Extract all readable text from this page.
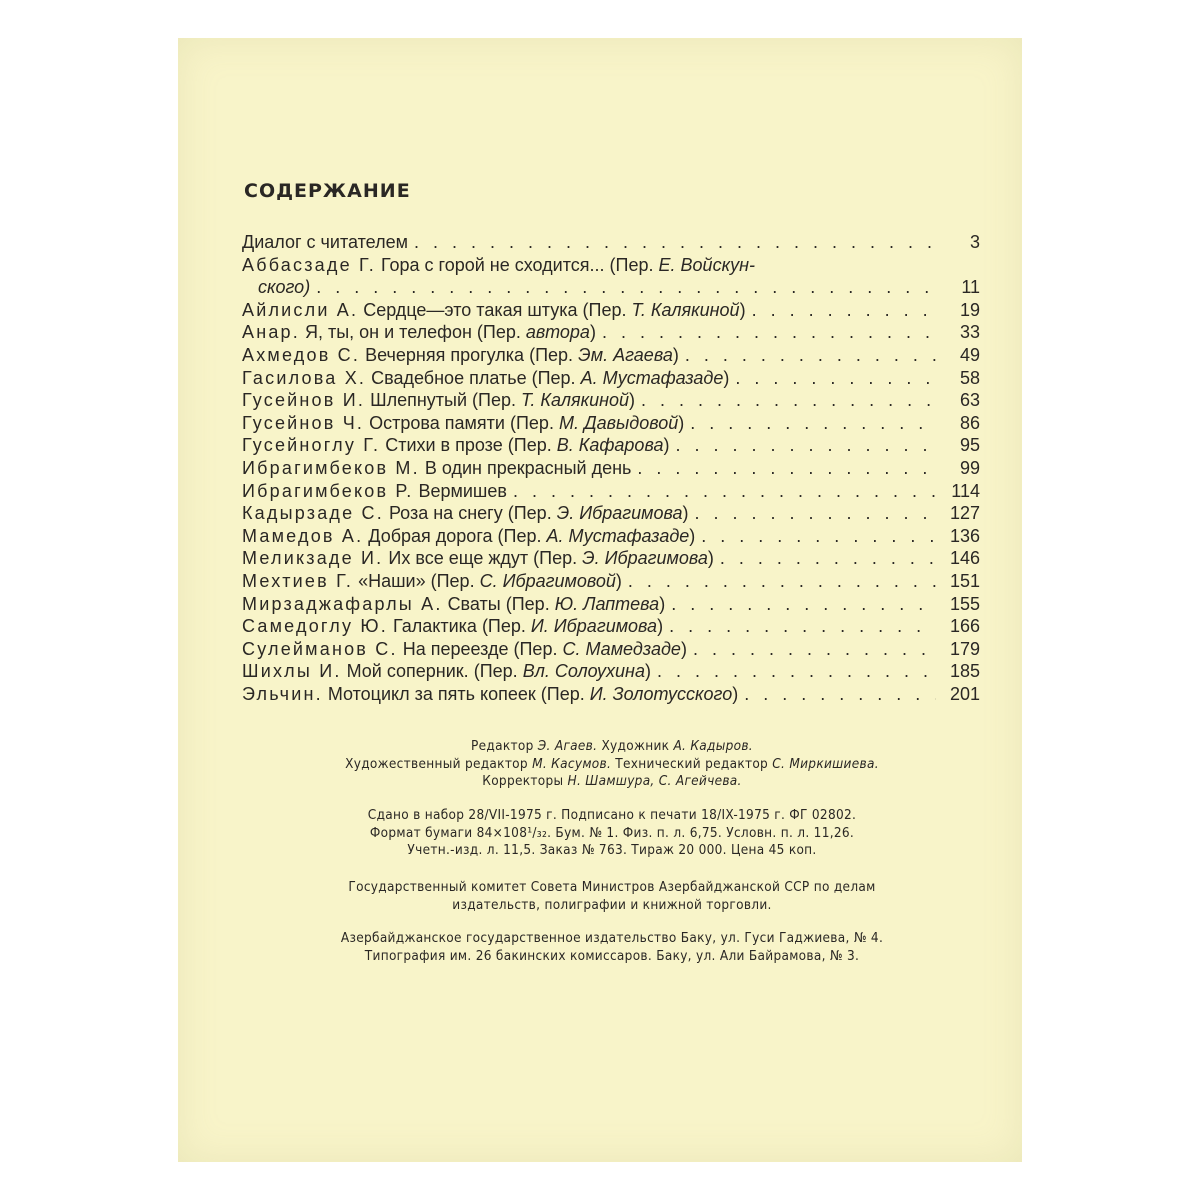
СОДЕРЖАНИЕ
Диалог с читателем . . .	3
Аббасзаде Г. Гора с горой не сходится... (Пер. Е. Войскун-
ского) . . .	11
Айлисли А. Сердце—это такая штука (Пер. Т. Калякиной) . . .	19
Анар. Я, ты, он и телефон (Пер. автора) . . .	33
Ахмедов С. Вечерняя прогулка (Пер. Эм. Агаева) . . .	49
Гасилова Х. Свадебное платье (Пер. А. Мустафазаде) . . .	58
Гусейнов И. Шлепнутый (Пер. Т. Калякиной) . . .	63
Гусейнов Ч. Острова памяти (Пер. М. Давыдовой) . . .	86
Гусейноглу Г. Стихи в прозе (Пер. В. Кафарова) . . .	95
Ибрагимбеков М. В один прекрасный день . . .	99
Ибрагимбеков Р. Вермишев . . .	114
Кадырзаде С. Роза на снегу (Пер. Э. Ибрагимова) . . .	127
Мамедов А. Добрая дорога (Пер. А. Мустафазаде) . . .	136
Меликзаде И. Их все еще ждут (Пер. Э. Ибрагимова) . . .	146
Мехтиев Г. «Наши» (Пер. С. Ибрагимовой) . . .	151
Мирзаджафарлы А. Сваты (Пер. Ю. Лаптева) . . .	155
Самедоглу Ю. Галактика (Пер. И. Ибрагимова) . . .	166
Сулейманов С. На переезде (Пер. С. Мамедзаде) . . .	179
Шихлы И. Мой соперник. (Пер. Вл. Солоухина) . . .	185
Эльчин. Мотоцикл за пять копеек (Пер. И. Золотусского) . . .	201
Редактор Э. Агаев. Художник А. Кадыров.
Художественный редактор М. Касумов. Технический редактор С. Миркишиева.
Корректоры Н. Шамшура, С. Агейчева.
Сдано в набор 28/VII-1975 г. Подписано к печати 18/IX-1975 г. ФГ 02802.
Формат бумаги 84×108¹/₃₂. Бум. № 1. Физ. п. л. 6,75. Условн. п. л. 11,26.
Учетн.-изд. л. 11,5. Заказ № 763. Тираж 20 000. Цена 45 коп.
Государственный комитет Совета Министров Азербайджанской ССР по делам
издательств, полиграфии и книжной торговли.
Азербайджанское государственное издательство Баку, ул. Гуси Гаджиева, № 4.
Типография им. 26 бакинских комиссаров. Баку, ул. Али Байрамова, № 3.
